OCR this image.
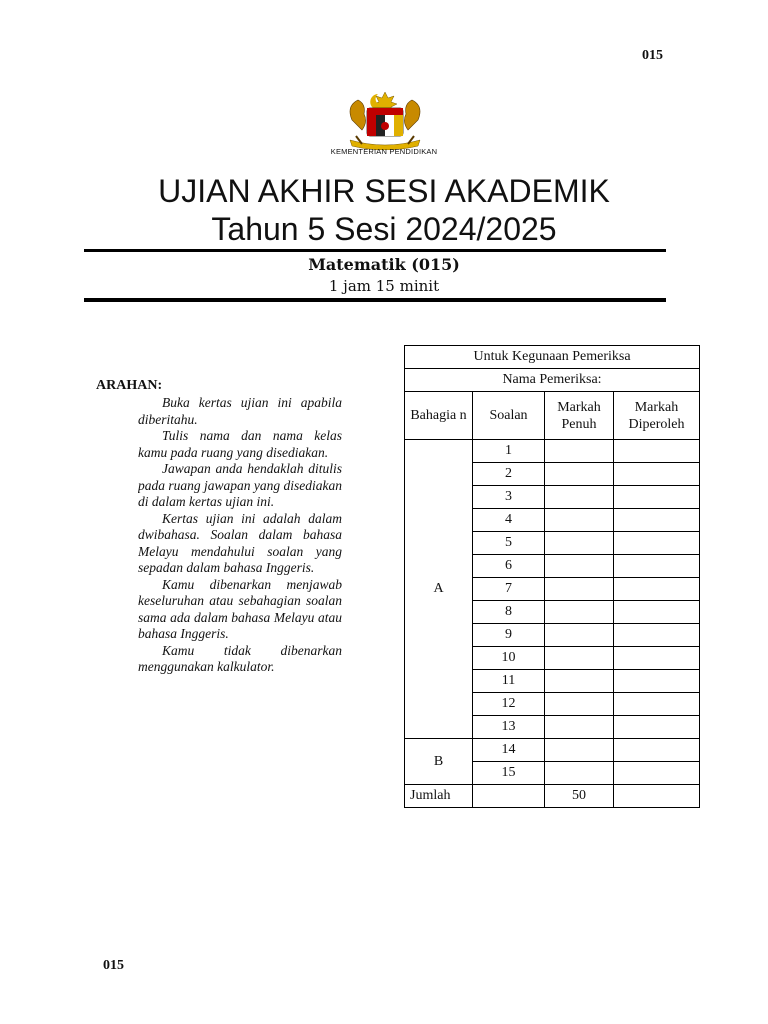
015
KEMENTERIAN PENDIDIKAN
UJIAN AKHIR SESI AKADEMIK
Tahun 5 Sesi 2024/2025
Matematik (015)
1 jam 15 minit
ARAHAN:

Buka kertas ujian ini apabila diberitahu.

Tulis nama dan nama kelas kamu pada ruang yang disediakan.

Jawapan anda hendaklah ditulis pada ruang jawapan yang disediakan di dalam kertas ujian ini.

Kertas ujian ini adalah dalam dwibahasa. Soalan dalam bahasa Melayu mendahului soalan yang sepadan dalam bahasa Inggeris.

Kamu dibenarkan menjawab keseluruhan atau sebahagian soalan sama ada dalam bahasa Melayu atau bahasa Inggeris.

Kamu tidak dibenarkan menggunakan kalkulator.

Untuk Kegunaan Pemeriksa			
Nama Pemeriksa:			
Bahagia n	Soalan	Markah Penuh	Markah Diperoleh
A	1		
	2		
	3		
	4		
	5		
	6		
	7		
	8		
	9		
	10		
	11		
	12		
	13		
B	14		
	15		
Jumlah		50	
015
